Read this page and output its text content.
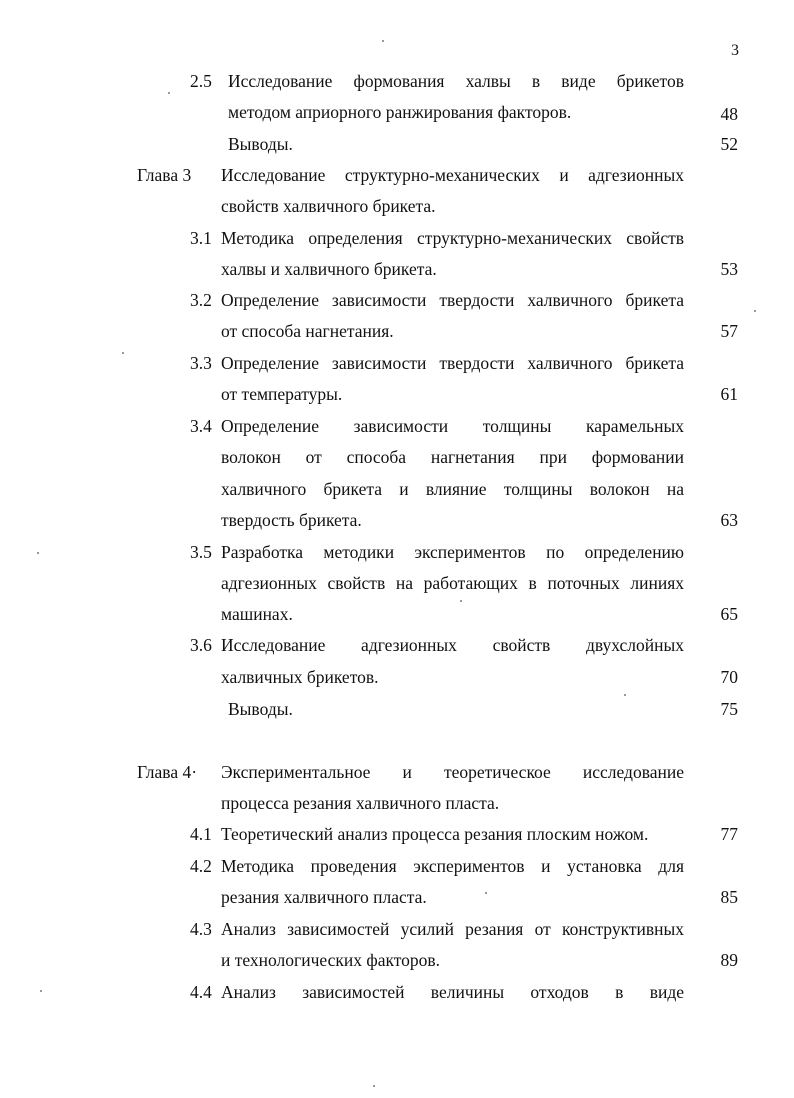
3
2.5 Исследование формования халвы в виде брикетов
методом априорного ранжирования факторов.	48
Выводы.	52
Глава 3 Исследование структурно-механических и адгезионных
свойств халвичного брикета.
3.1 Методика определения структурно-механических свойств
халвы и халвичного брикета.	53
3.2 Определение зависимости твердости халвичного брикета
от способа нагнетания.	57
3.3 Определение зависимости твердости халвичного брикета
от температуры.	61
3.4 Определение зависимости толщины карамельных
волокон от способа нагнетания при формовании
халвичного брикета и влияние толщины волокон на
твердость брикета.	63
3.5 Разработка методики экспериментов по определению
адгезионных свойств на работающих в поточных линиях
машинах.	65
3.6 Исследование адгезионных свойств двухслойных
халвичных брикетов.	70
Выводы.	75
Глава 4· Экспериментальное и теоретическое исследование
процесса резания халвичного пласта.
4.1 Теоретический анализ процесса резания плоским ножом.	77
4.2 Методика проведения экспериментов и установка для
резания халвичного пласта.	85
4.3 Анализ зависимостей усилий резания от конструктивных
и технологических факторов.	89
4.4 Анализ зависимостей величины отходов в виде
